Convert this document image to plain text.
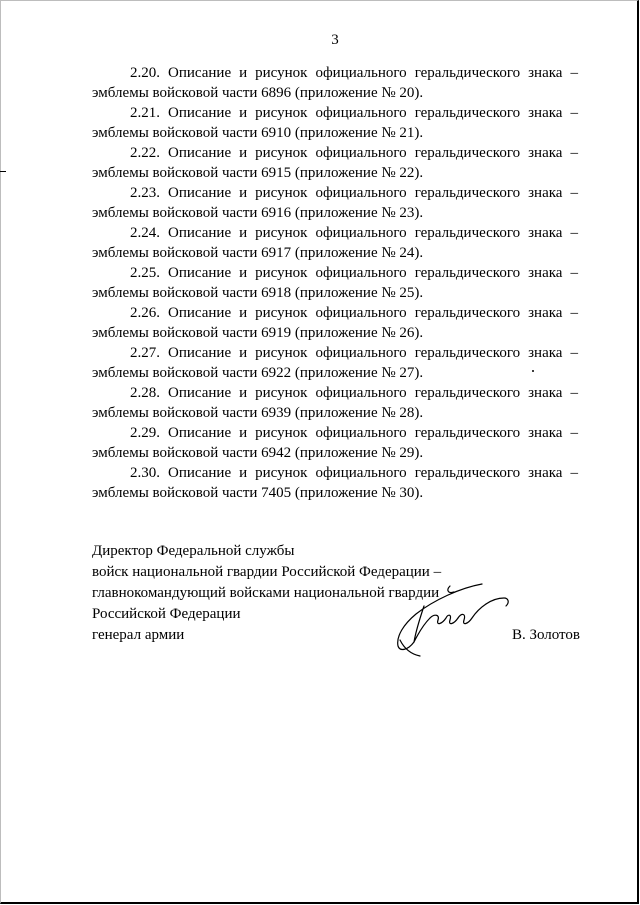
3
2.20. Описание и рисунок официального геральдического знака –
эмблемы войсковой части 6896 (приложение № 20).
2.21. Описание и рисунок официального геральдического знака –
эмблемы войсковой части 6910 (приложение № 21).
2.22. Описание и рисунок официального геральдического знака –
эмблемы войсковой части 6915 (приложение № 22).
2.23. Описание и рисунок официального геральдического знака –
эмблемы войсковой части 6916 (приложение № 23).
2.24. Описание и рисунок официального геральдического знака –
эмблемы войсковой части 6917 (приложение № 24).
2.25. Описание и рисунок официального геральдического знака –
эмблемы войсковой части 6918 (приложение № 25).
2.26. Описание и рисунок официального геральдического знака –
эмблемы войсковой части 6919 (приложение № 26).
2.27. Описание и рисунок официального геральдического знака –
эмблемы войсковой части 6922 (приложение № 27).
2.28. Описание и рисунок официального геральдического знака –
эмблемы войсковой части 6939 (приложение № 28).
2.29. Описание и рисунок официального геральдического знака –
эмблемы войсковой части 6942 (приложение № 29).
2.30. Описание и рисунок официального геральдического знака –
эмблемы войсковой части 7405 (приложение № 30).
Директор Федеральной службы
войск национальной гвардии Российской Федерации –
главнокомандующий войсками национальной гвардии
Российской Федерации
генерал армии	В. Золотов
